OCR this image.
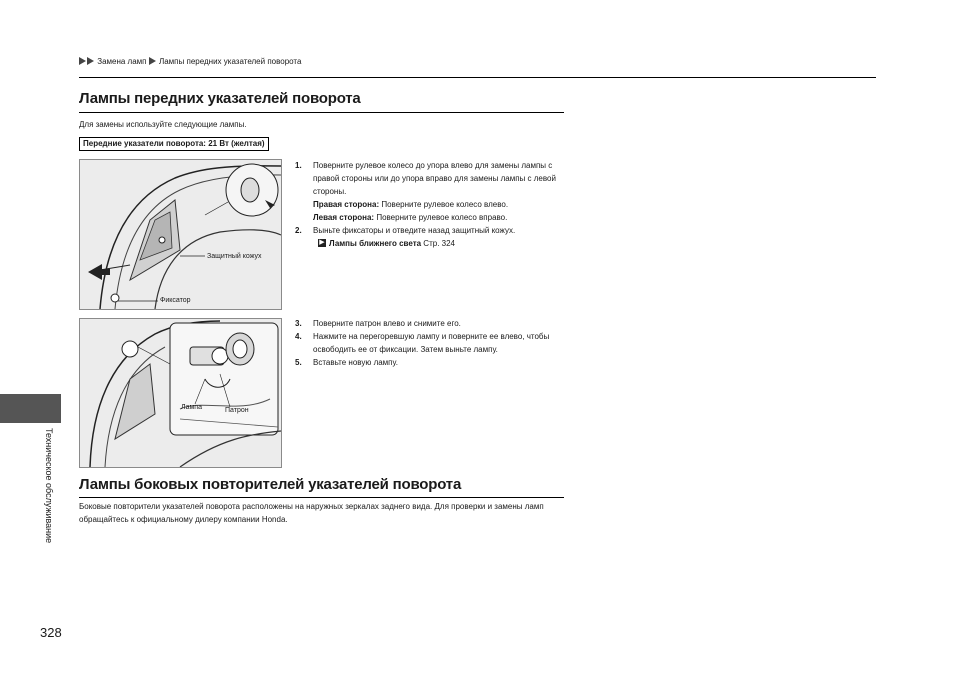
Замена ламп Лампы передних указателей поворота
Лампы передних указателей поворота
Для замены используйте следующие лампы.
Передние указатели поворота: 21 Вт (желтая)
Защитный кожух
Фиксатор
1. Поверните рулевое колесо до упора влево для замены лампы с правой стороны или до упора вправо для замены лампы с левой стороны.
Правая сторона: Поверните рулевое колесо влево.
Левая сторона: Поверните рулевое колесо вправо.
2. Выньте фиксаторы и отведите назад защитный кожух.
▶ Лампы ближнего света Стр. 324
Лампа	Патрон
3. Поверните патрон влево и снимите его.
4. Нажмите на перегоревшую лампу и поверните ее влево, чтобы освободить ее от фиксации. Затем выньте лампу.
5. Вставьте новую лампу.
Лампы боковых повторителей указателей поворота
Боковые повторители указателей поворота расположены на наружных зеркалах заднего вида. Для проверки и замены ламп обращайтесь к официальному дилеру компании Honda.
Техническое обслуживание
328
